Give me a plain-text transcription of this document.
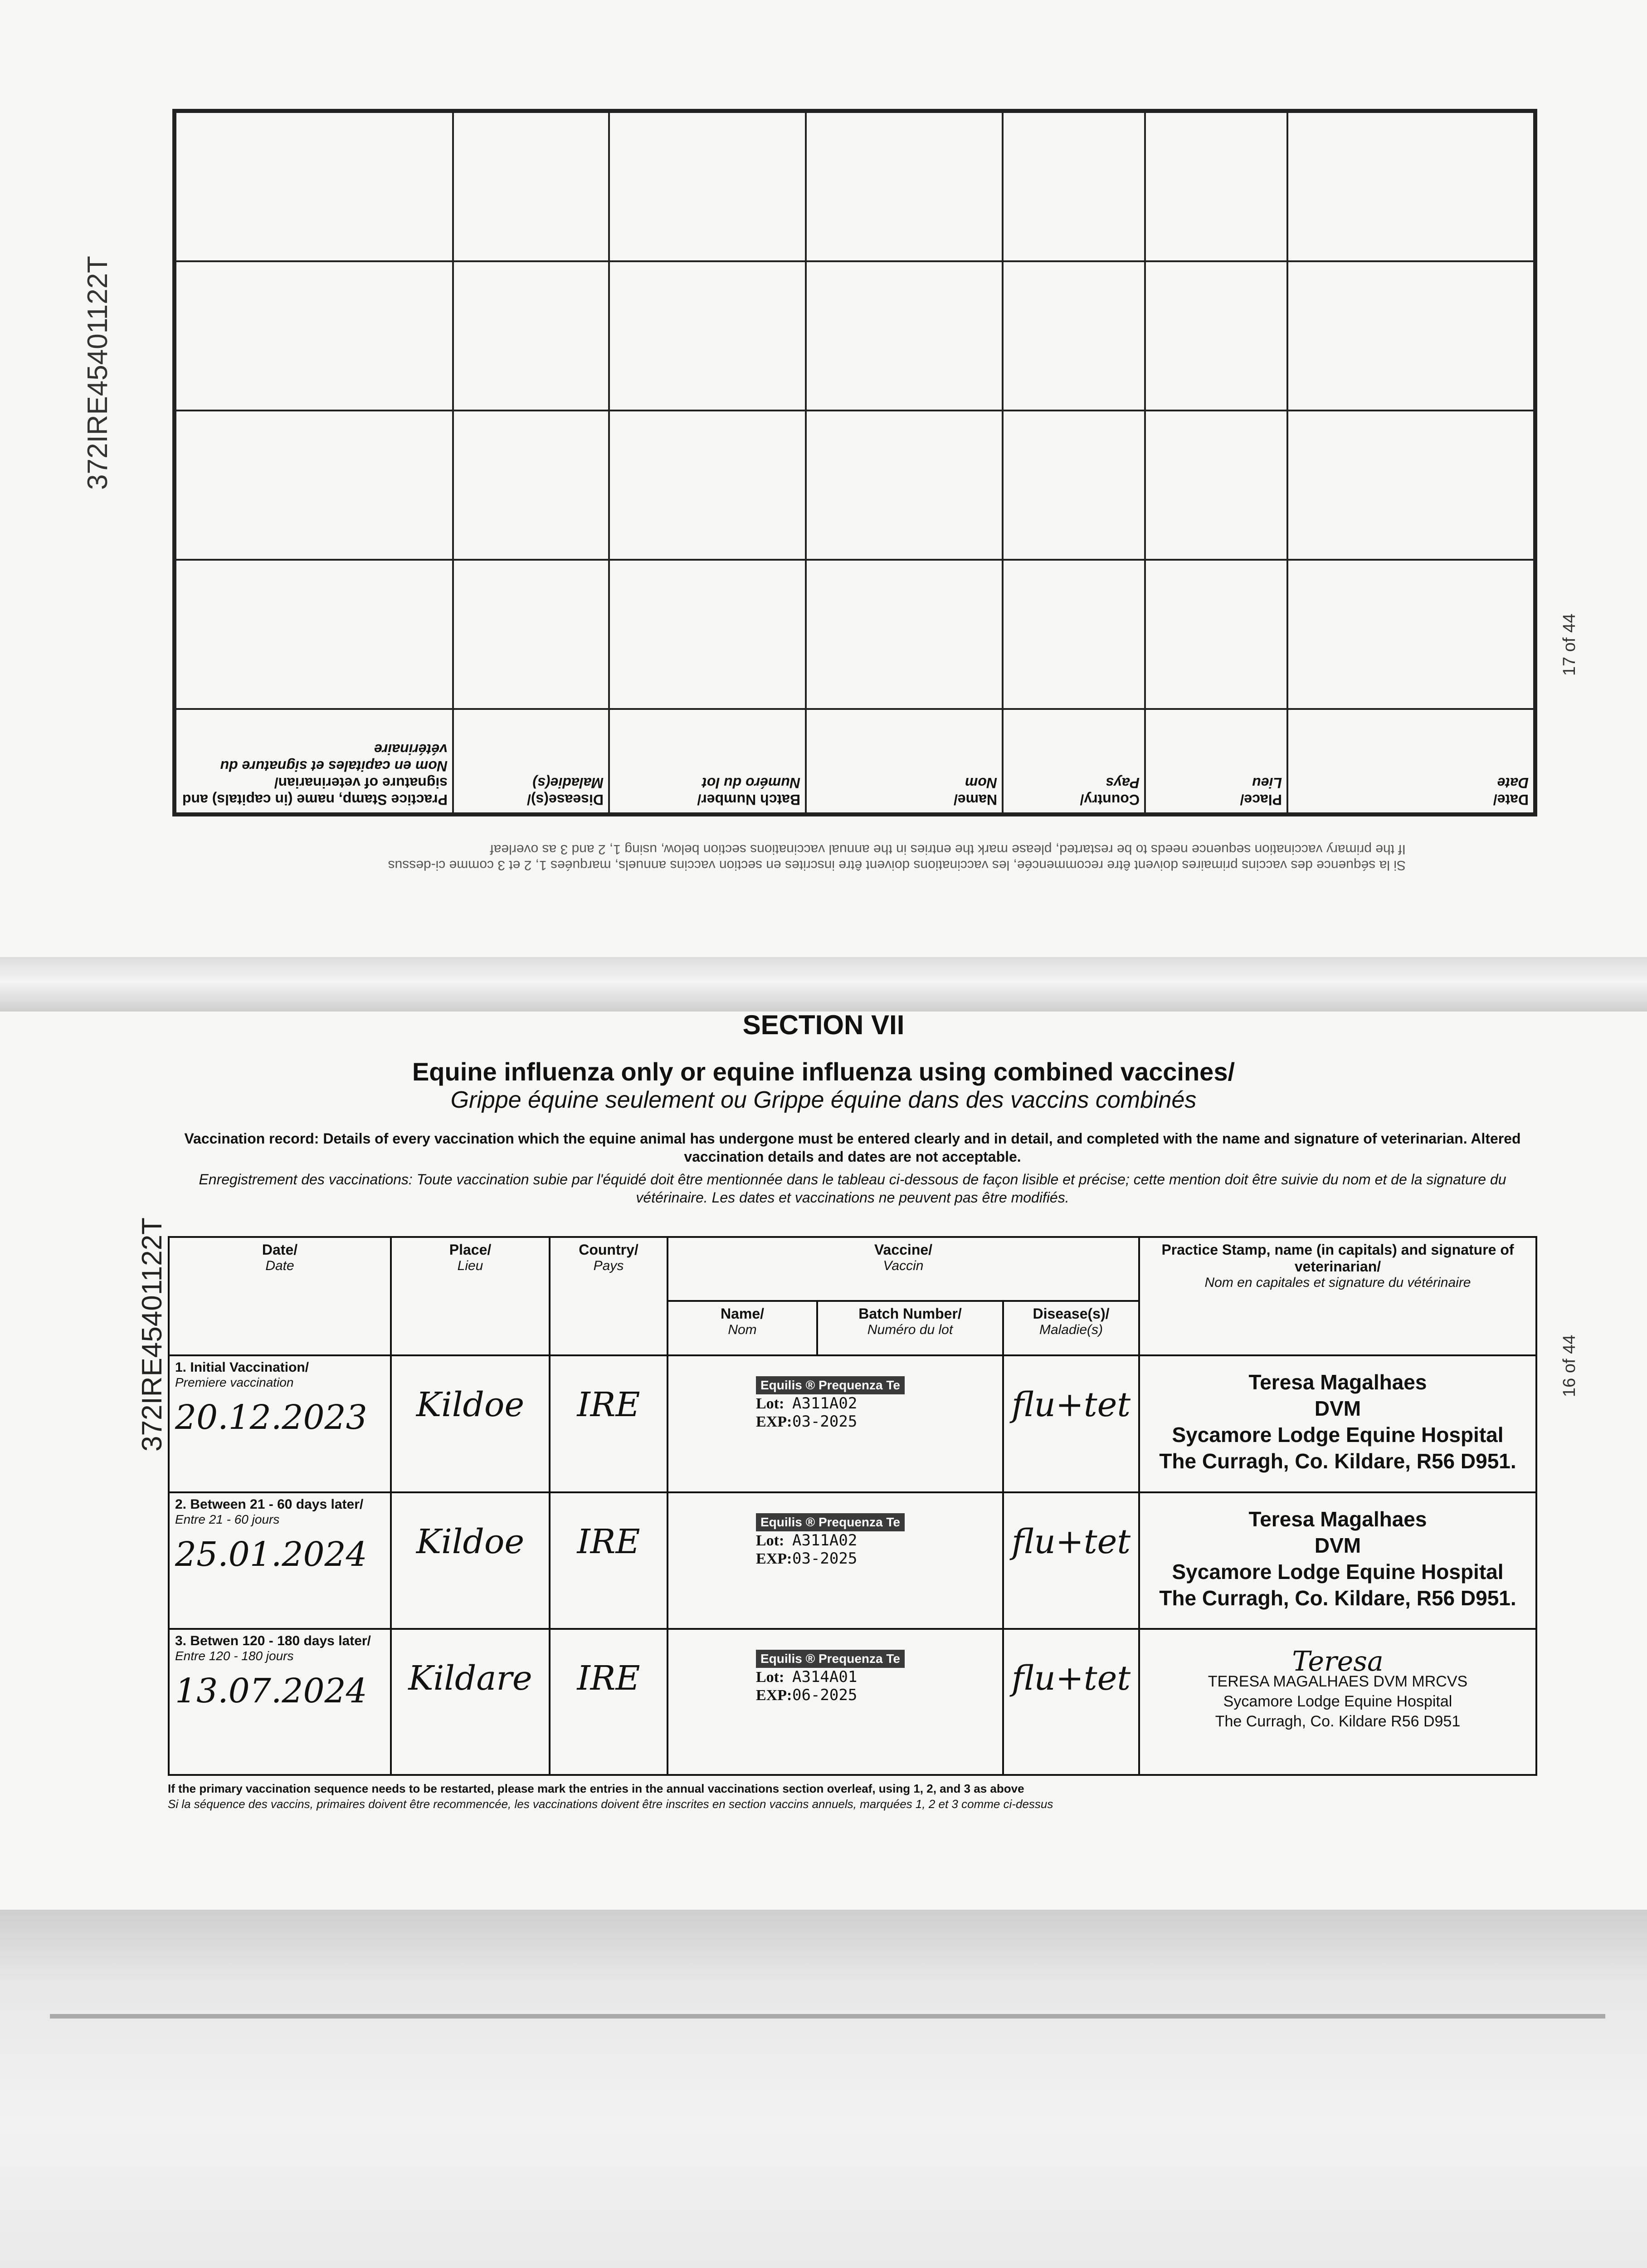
372IRE45401122T
17 of 44
Date/
Date	Place/
Lieu	Country/
Pays	Name/
Nom	Batch Number/
Numéro du lot	Disease(s)/
Maladie(s)	Practice Stamp, name (in capitals) and signature of veterinarian/
Nom en capitales et signature du vétérinaire

If the primary vaccination sequence needs to be restarted, please mark the entries in the annual vaccinations section below, using 1, 2 and 3 as overleaf
Si la séquence des vaccins primaires doivent être recommencée, les vaccinations doivent être inscrites en section vaccins annuels, marquées 1, 2 et 3 comme ci-dessus
SECTION VII
Equine influenza only or equine influenza using combined vaccines/
Grippe équine seulement ou Grippe équine dans des vaccins combinés
Vaccination record: Details of every vaccination which the equine animal has undergone must be entered clearly and in detail, and completed with the name and signature of veterinarian. Altered vaccination details and dates are not acceptable.
Enregistrement des vaccinations: Toute vaccination subie par l'équidé doit être mentionnée dans le tableau ci-dessous de façon lisible et précise; cette mention doit être suivie du nom et de la signature du vétérinaire. Les dates et vaccinations ne peuvent pas être modifiés.
372IRE45401122T	16 of 44
Date/
Date	Place/
Lieu	Country/
Pays	Vaccine/
Vaccin			Practice Stamp, name (in capitals) and signature of veterinarian/
Nom en capitales et signature du vétérinaire

			Name/
Nom	Batch Number/
Numéro du lot	Disease(s)/
Maladie(s)	

1. Initial Vaccination/
Premiere vaccination
20.12.2023	Kildoe	IRE	Equilis ® Prequenza Te
Lot: A311A02
EXP:03-2025		flu+tet	Teresa Magalhaes
DVM
Sycamore Lodge Equine Hospital
The Curragh, Co. Kildare, R56 D951.

2. Between 21 - 60 days later/
Entre 21 - 60 jours
25.01.2024	Kildoe	IRE	Equilis ® Prequenza Te
Lot: A311A02
EXP:03-2025		flu+tet	Teresa Magalhaes
DVM
Sycamore Lodge Equine Hospital
The Curragh, Co. Kildare, R56 D951.

3. Betwen 120 - 180 days later/
Entre 120 - 180 jours
13.07.2024	Kildare	IRE	Equilis ® Prequenza Te
Lot: A314A01
EXP:06-2025		flu+tet	Teresa
TERESA MAGALHAES DVM MRCVS
Sycamore Lodge Equine Hospital
The Curragh, Co. Kildare R56 D951
If the primary vaccination sequence needs to be restarted, please mark the entries in the annual vaccinations section overleaf, using 1, 2, and 3 as above
Si la séquence des vaccins, primaires doivent être recommencée, les vaccinations doivent être inscrites en section vaccins annuels, marquées 1, 2 et 3 comme ci-dessus
